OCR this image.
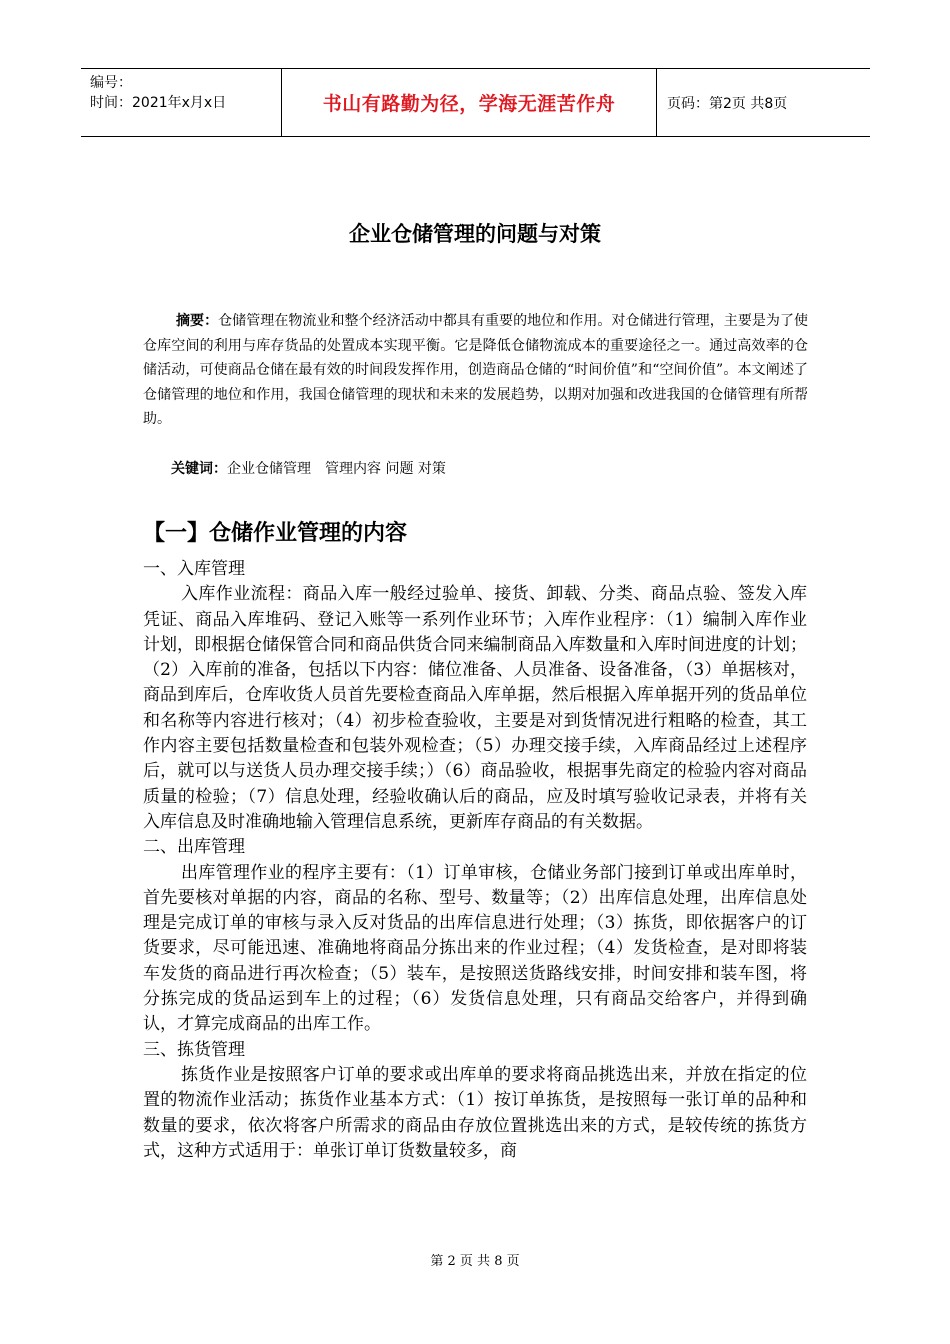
编号：
时间：2021年x月x日	书山有路勤为径，学海无涯苦作舟	页码：第2页 共8页
企业仓储管理的问题与对策
摘要：仓储管理在物流业和整个经济活动中都具有重要的地位和作用。对仓储进行管理，主要是为了使仓库空间的利用与库存货品的处置成本实现平衡。它是降低仓储物流成本的重要途径之一。通过高效率的仓储活动，可使商品仓储在最有效的时间段发挥作用，创造商品仓储的“时间价值”和“空间价值”。本文阐述了仓储管理的地位和作用，我国仓储管理的现状和未来的发展趋势，以期对加强和改进我国的仓储管理有所帮助。
关键词：企业仓储管理 管理内容 问题 对策
【一】仓储作业管理的内容

一、入库管理

入库作业流程：商品入库一般经过验单、接货、卸载、分类、商品点验、签发入库凭证、商品入库堆码、登记入账等一系列作业环节；入库作业程序：（1）编制入库作业计划，即根据仓储保管合同和商品供货合同来编制商品入库数量和入库时间进度的计划；（2）入库前的准备，包括以下内容：储位准备、人员准备、设备准备，（3）单据核对，商品到库后，仓库收货人员首先要检查商品入库单据，然后根据入库单据开列的货品单位和名称等内容进行核对；（4）初步检查验收，主要是对到货情况进行粗略的检查，其工作内容主要包括数量检查和包装外观检查；（5）办理交接手续，入库商品经过上述程序后，就可以与送货人员办理交接手续；）（6）商品验收，根据事先商定的检验内容对商品质量的检验；（7）信息处理，经验收确认后的商品，应及时填写验收记录表，并将有关入库信息及时准确地输入管理信息系统，更新库存商品的有关数据。

二、出库管理

出库管理作业的程序主要有：（1）订单审核，仓储业务部门接到订单或出库单时，首先要核对单据的内容，商品的名称、型号、数量等；（2）出库信息处理，出库信息处理是完成订单的审核与录入反对货品的出库信息进行处理；（3）拣货，即依据客户的订货要求，尽可能迅速、准确地将商品分拣出来的作业过程；（4）发货检查，是对即将装车发货的商品进行再次检查；（5）装车，是按照送货路线安排，时间安排和装车图，将分拣完成的货品运到车上的过程；（6）发货信息处理，只有商品交给客户，并得到确认，才算完成商品的出库工作。

三、拣货管理

拣货作业是按照客户订单的要求或出库单的要求将商品挑选出来，并放在指定的位置的物流作业活动；拣货作业基本方式：（1）按订单拣货，是按照每一张订单的品种和数量的要求，依次将客户所需求的商品由存放位置挑选出来的方式，是较传统的拣货方式，这种方式适用于：单张订单订货数量较多，商

第 2 页 共 8 页
